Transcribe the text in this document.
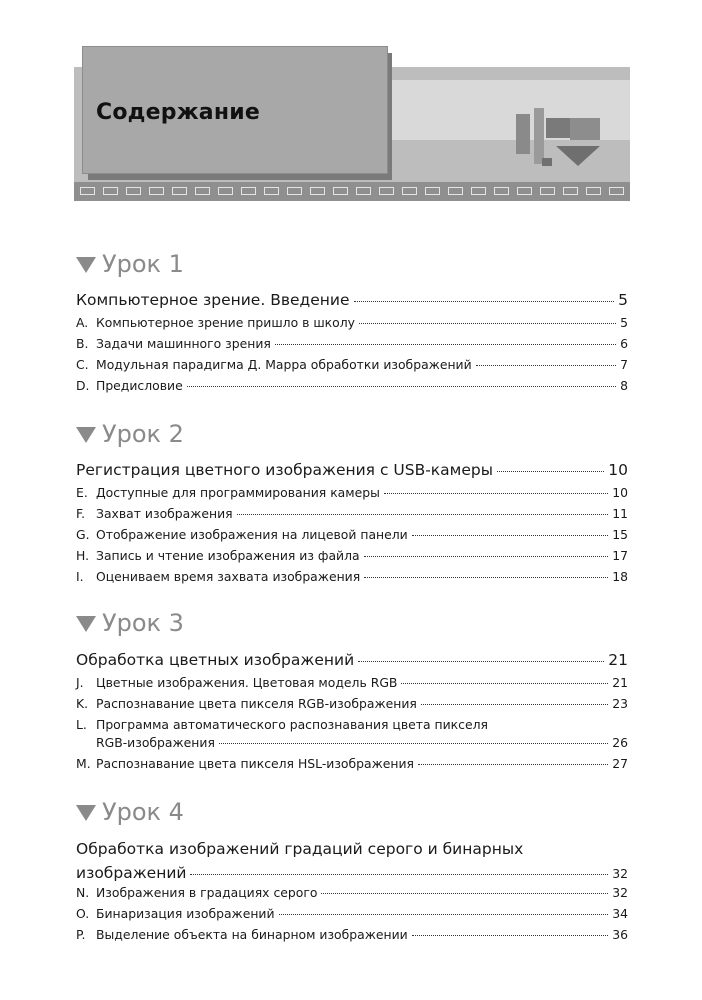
Содержание
Урок 1
Компьютерное зрение. Введение	5
A. Компьютерное зрение пришло в школу	5
B. Задачи машинного зрения	6
C. Модульная парадигма Д. Марра обработки изображений	7
D. Предисловие	8
Урок 2
Регистрация цветного изображения с USB-камеры	10
E. Доступные для программирования камеры	10
F. Захват изображения	11
G. Отображение изображения на лицевой панели	15
H. Запись и чтение изображения из файла	17
I.	Оцениваем время захвата изображения	18
Урок 3
Обработка цветных изображений	21
J.	Цветные изображения. Цветовая модель RGB	21
K. Распознавание цвета пикселя RGB-изображения	23
L. Программа автоматического распознавания цвета пикселя
RGB-изображения	26
M. Распознавание цвета пикселя HSL-изображения	27
Урок 4
Обработка изображений градаций серого и бинарных
изображений	32
N. Изображения в градациях серого	32
O. Бинаризация изображений	34
P. Выделение объекта на бинарном изображении	36
